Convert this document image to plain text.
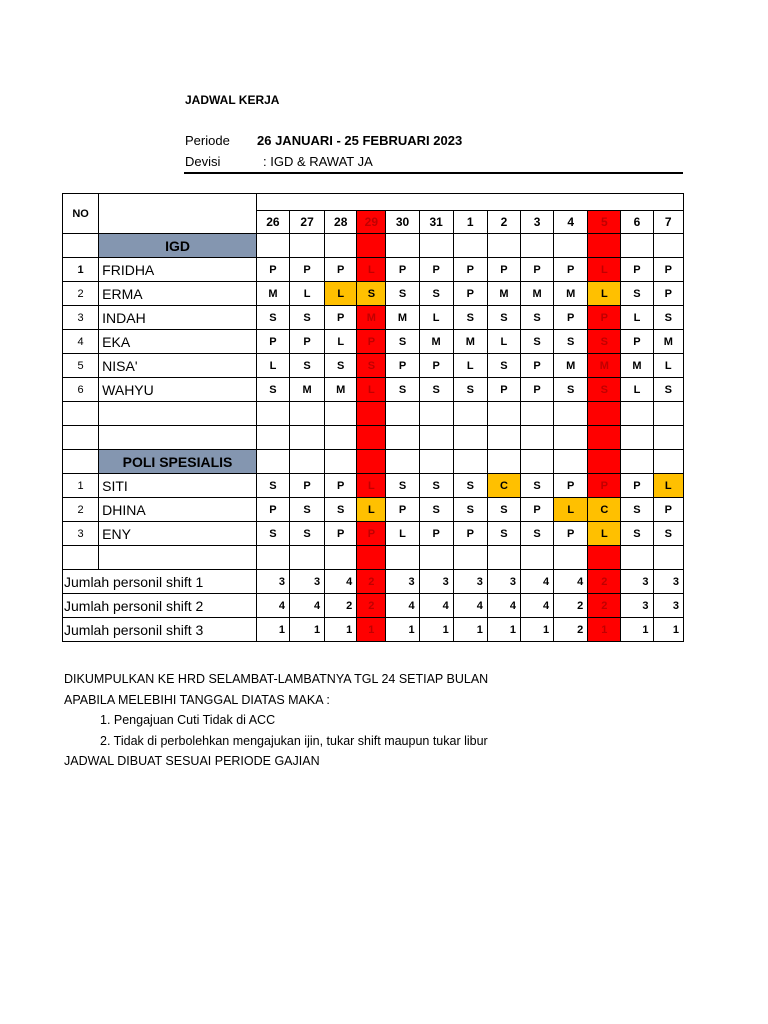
JADWAL KERJA
Periode 26 JANUARI - 25 FEBRUARI 2023
Devisi	: IGD & RAWAT JA
NO														
		26	27	28	29	30	31	1	2	3	4	5	6	7
	IGD													
1	FRIDHA	P	P	P	L	P	P	P	P	P	P	L	P	P
2	ERMA	M	L	L	S	S	S	P	M	M	M	L	S	P
3	INDAH	S	S	P	M	M	L	S	S	S	P	P	L	S
4	EKA	P	P	L	P	S	M	M	L	S	S	S	P	M
5	NISA'	L	S	S	S	P	P	L	S	P	M	M	M	L
6	WAHYU	S	M	M	L	S	S	S	P	P	S	S	L	S

	POLI SPESIALIS													
1	SITI	S	P	P	L	S	S	S	C	S	P	P	P	L
2	DHINA	P	S	S	L	P	S	S	S	P	L	C	S	P
3	ENY	S	S	P	P	L	P	P	S	S	P	L	S	S

Jumlah personil shift 1		3	3	4	2	3	3	3	3	4	4	2	3	3
Jumlah personil shift 2		4	4	2	2	4	4	4	4	4	2	2	3	3
Jumlah personil shift 3		1	1	1	1	1	1	1	1	1	2	1	1	1
DIKUMPULKAN KE HRD SELAMBAT-LAMBATNYA TGL 24 SETIAP BULAN
APABILA MELEBIHI TANGGAL DIATAS MAKA :
1. Pengajuan Cuti Tidak di ACC
2. Tidak di perbolehkan mengajukan ijin, tukar shift maupun tukar libur
JADWAL DIBUAT SESUAI PERIODE GAJIAN
